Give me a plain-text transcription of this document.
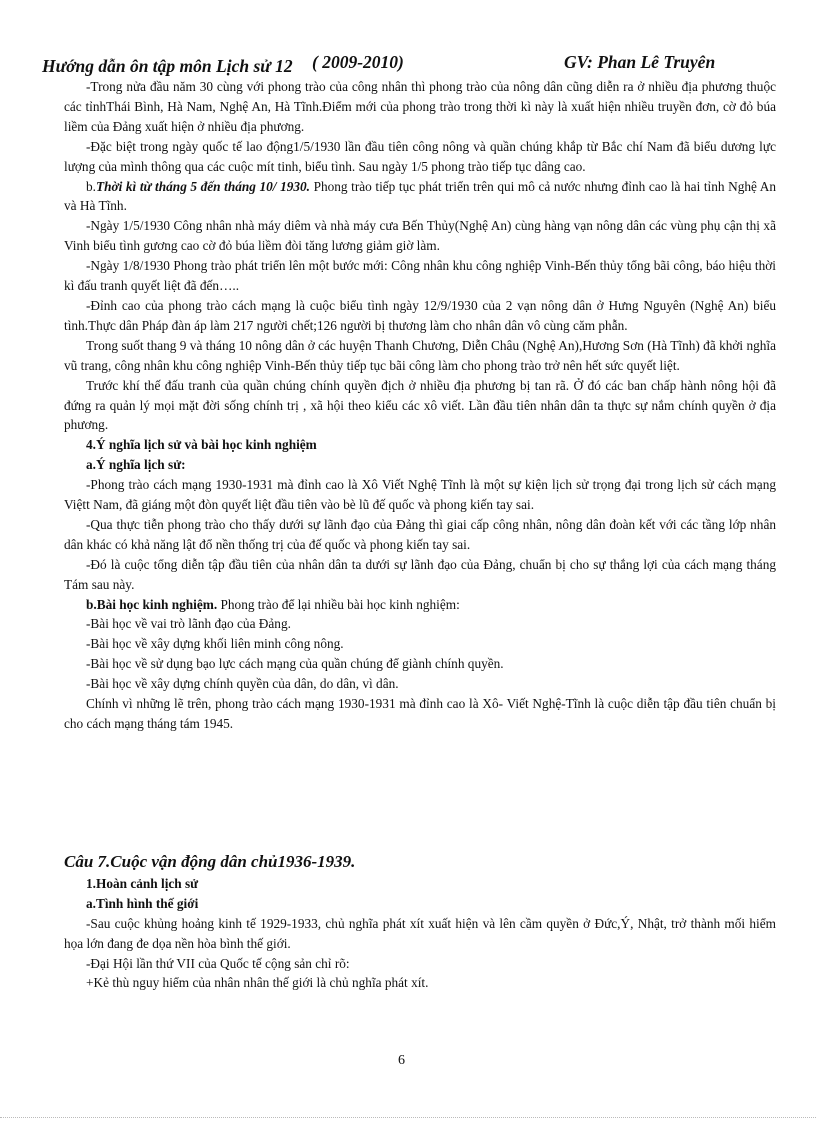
Hướng dẫn ôn tập môn Lịch sử 12 ( 2009-2010)	GV: Phan Lê Truyên

-Trong nửa đầu năm 30 cùng với phong trào của công nhân thì phong trào của nông dân cũng diễn ra ở nhiều địa phương thuộc các tỉnhThái Bình, Hà Nam, Nghệ An, Hà Tĩnh.Điểm mới của phong trào trong thời kì này là xuất hiện nhiều truyền đơn, cờ đỏ búa liềm của Đảng xuất hiện ở nhiều địa phương.

-Đặc biệt trong ngày quốc tế lao động1/5/1930 lần đầu tiên công nông và quần chúng khắp từ Bắc chí Nam đã biểu dương lực lượng của mình thông qua các cuộc mít tinh, biểu tình. Sau ngày 1/5 phong trào tiếp tục dâng cao.

b.Thời kì từ tháng 5 đến tháng 10/ 1930. Phong trào tiếp tục phát triển trên qui mô cả nước nhưng đỉnh cao là hai tỉnh Nghệ An và Hà Tĩnh.

-Ngày 1/5/1930 Công nhân nhà máy diêm và nhà máy cưa Bến Thủy(Nghệ An) cùng hàng vạn nông dân các vùng phụ cận thị xã Vinh biểu tình gương cao cờ đỏ búa liềm đòi tăng lương giảm giờ làm.

-Ngày 1/8/1930 Phong trào phát triển lên một bước mới: Công nhân khu công nghiệp Vinh-Bến thủy tổng bãi công, báo hiệu thời kì đấu tranh quyết liệt đã đến…..

-Đỉnh cao của phong trào cách mạng là cuộc biểu tình ngày 12/9/1930 của 2 vạn nông dân ở Hưng Nguyên (Nghệ An) biểu tình.Thực dân Pháp đàn áp làm 217 người chết;126 người bị thương làm cho nhân dân vô cùng căm phẫn.

Trong suốt thang 9 và tháng 10 nông dân ở các huyện Thanh Chương, Diễn Châu (Nghệ An),Hương Sơn (Hà Tĩnh) đã khởi nghĩa vũ trang, công nhân khu công nghiệp Vinh-Bến thủy tiếp tục bãi công làm cho phong trào trở nên hết sức quyết liệt.

Trước khí thế đấu tranh của quần chúng chính quyền địch ở nhiều địa phương bị tan rã. Ở đó các ban chấp hành nông hội đã đứng ra quản lý mọi mặt đời sống chính trị , xã hội theo kiểu các xô viết. Lần đầu tiên nhân dân ta thực sự nắm chính quyền ở địa phương.

4.Ý nghĩa lịch sử và bài học kinh nghiệm

a.Ý nghĩa lịch sử:

-Phong trào cách mạng 1930-1931 mà đỉnh cao là Xô Viết Nghệ Tĩnh là một sự kiện lịch sử trọng đại trong lịch sử cách mạng Việtt Nam, đã giáng một đòn quyết liệt đầu tiên vào bè lũ đế quốc và phong kiến tay sai.

-Qua thực tiễn phong trào cho thấy dưới sự lãnh đạo của Đảng thì giai cấp công nhân, nông dân đoàn kết với các tầng lớp nhân dân khác có khả năng lật đổ nền thống trị của đế quốc và phong kiến tay sai.

-Đó là cuộc tổng diễn tập đầu tiên của nhân dân ta dưới sự lãnh đạo của Đảng, chuẩn bị cho sự thắng lợi của cách mạng tháng Tám sau này.

b.Bài học kinh nghiệm. Phong trào để lại nhiều bài học kinh nghiệm:

-Bài học về vai trò lãnh đạo của Đảng.

-Bài học về xây dựng khối liên minh công nông.

-Bài học về sử dụng bạo lực cách mạng của quần chúng để giành chính quyền.

-Bài học về xây dựng chính quyền của dân, do dân, vì dân.

Chính vì những lẽ trên, phong trào cách mạng 1930-1931 mà đỉnh cao là Xô- Viết Nghệ-Tĩnh là cuộc diễn tập đầu tiên chuẩn bị cho cách mạng tháng tám 1945.

Câu 7.Cuộc vận động dân chủ1936-1939.

1.Hoàn cảnh lịch sử

a.Tình hình thế giới

-Sau cuộc khủng hoảng kinh tế 1929-1933, chủ nghĩa phát xít xuất hiện và lên cầm quyền ở Đức,Ý, Nhật, trở thành mối hiểm họa lớn đang đe dọa nền hòa bình thế giới.

-Đại Hội lần thứ VII của Quốc tế cộng sản chỉ rõ:

+Kẻ thù nguy hiểm của nhân nhân thế giới là chủ nghĩa phát xít.

6
